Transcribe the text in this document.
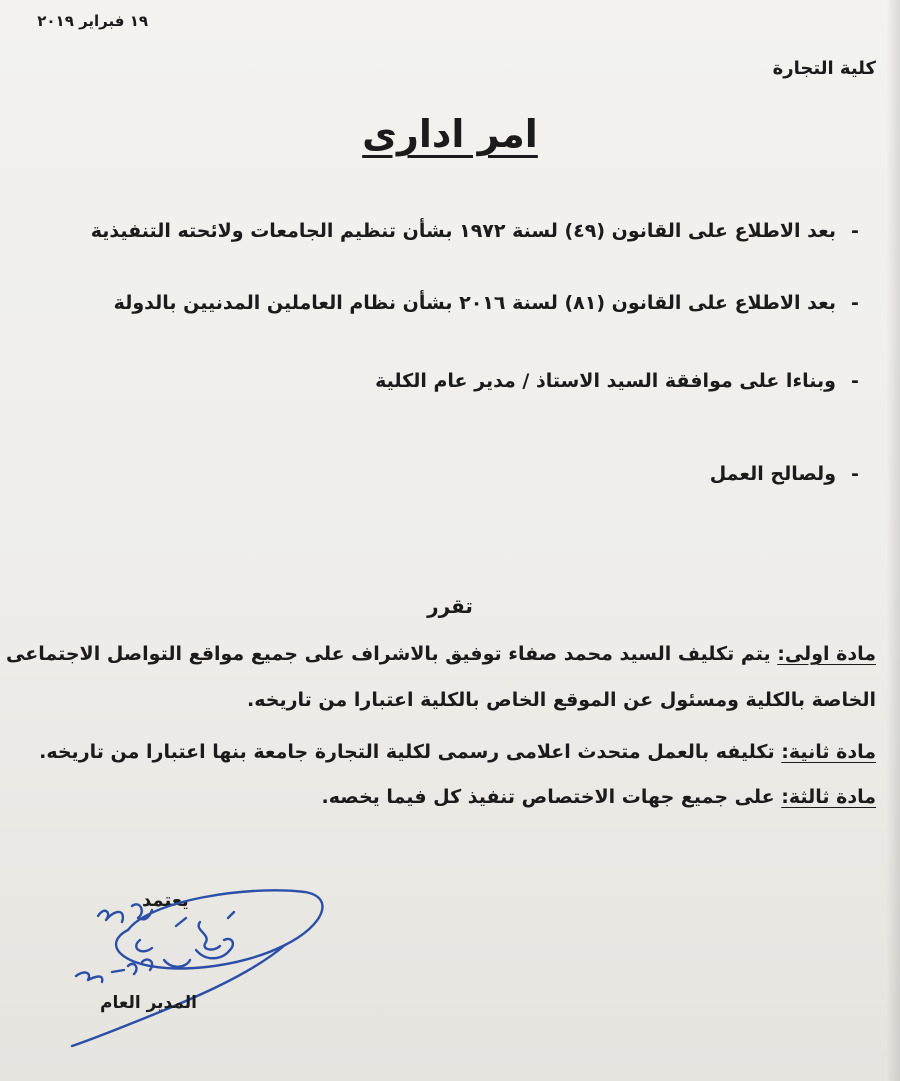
١٩ فبراير ٢٠١٩
كلية التجارة
امر ادارى
-بعد الاطلاع على القانون (٤٩) لسنة ١٩٧٢ بشأن تنظيم الجامعات ولائحته التنفيذية
-بعد الاطلاع على القانون (٨١) لسنة ٢٠١٦ بشأن نظام العاملين المدنيين بالدولة
-وبناءا على موافقة السيد الاستاذ / مدير عام الكلية
-ولصالح العمل
تقرر
مادة اولى: يتم تكليف السيد محمد صفاء توفيق بالاشراف على جميع مواقع التواصل الاجتماعى
الخاصة بالكلية ومسئول عن الموقع الخاص بالكلية اعتبارا من تاريخه.
مادة ثانية: تكليفه بالعمل متحدث اعلامى رسمى لكلية التجارة جامعة بنها اعتبارا من تاريخه.
مادة ثالثة: على جميع جهات الاختصاص تنفيذ كل فيما يخصه.
يعتمد
المدير العام
